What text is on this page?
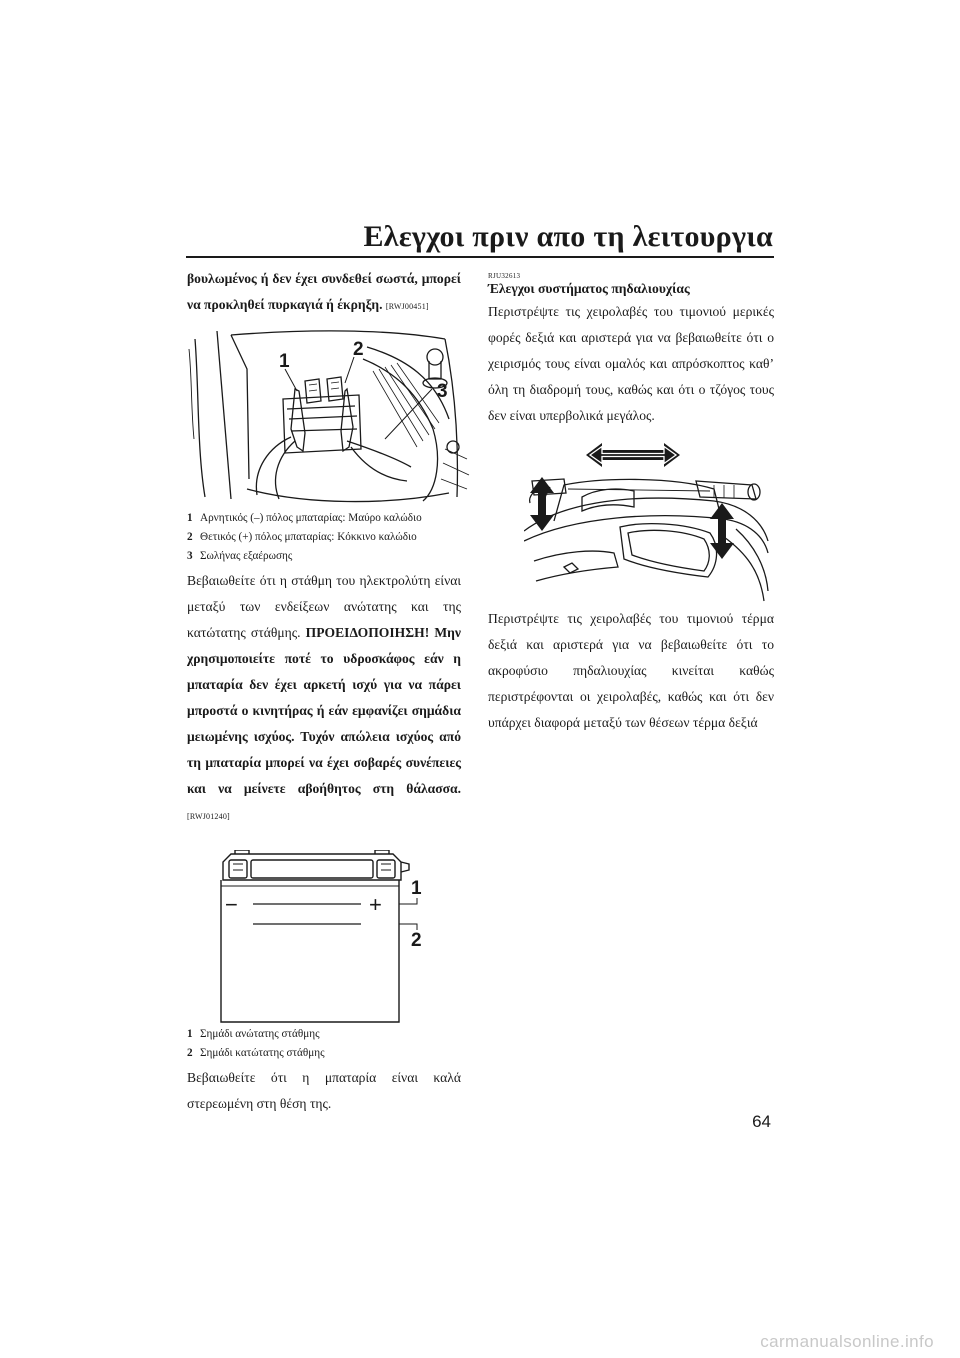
Ελεγχοι πριν απο τη λειτουργια

βουλωμένος ή δεν έχει συνδεθεί σωστά, μπορεί να προκληθεί πυρκαγιά ή έκρηξη. [RWJ00451]

1
2
3
1 Αρνητικός (–) πόλος μπαταρίας: Μαύρο καλώδιο
2 Θετικός (+) πόλος μπαταρίας: Κόκκινο καλώδιο
3 Σωλήνας εξαέρωσης

Βεβαιωθείτε ότι η στάθμη του ηλεκτρολύτη είναι μεταξύ των ενδείξεων ανώτατης και της κατώτατης στάθμης. ΠΡΟΕΙΔΟΠΟΙΗΣΗ! Μην χρησιμοποιείτε ποτέ το υδροσκάφος εάν η μπαταρία δεν έχει αρκετή ισχύ για να πάρει μπροστά ο κινητήρας ή εάν εμφανίζει σημάδια μειωμένης ισχύος. Τυχόν απώλεια ισχύος από τη μπαταρία μπορεί να έχει σοβαρές συνέπειες και να μείνετε αβοήθητος στη θάλασσα. [RWJ01240]

−	+
1
2
1 Σημάδι ανώτατης στάθμης
2 Σημάδι κατώτατης στάθμης

Βεβαιωθείτε ότι η μπαταρία είναι καλά στερεωμένη στη θέση της.

RJU32613
Έλεγχοι συστήματος πηδαλιουχίας

Περιστρέψτε τις χειρολαβές του τιμονιού μερικές φορές δεξιά και αριστερά για να βεβαιωθείτε ότι ο χειρισμός τους είναι ομαλός και απρόσκοπτος καθ’ όλη τη διαδρομή τους, καθώς και ότι ο τζόγος τους δεν είναι υπερβολικά μεγάλος.

Περιστρέψτε τις χειρολαβές του τιμονιού τέρμα δεξιά και αριστερά για να βεβαιωθείτε ότι το ακροφύσιο πηδαλιουχίας κινείται καθώς περιστρέφονται οι χειρολαβές, καθώς και ότι δεν υπάρχει διαφορά μεταξύ των θέσεων τέρμα δεξιά

64
carmanualsonline.info
